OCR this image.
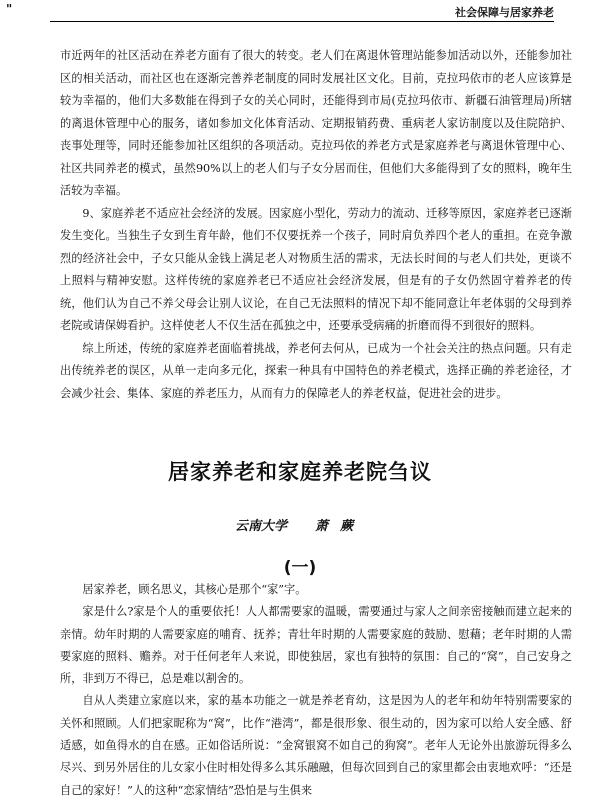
"	社会保障与居家养老

市近两年的社区活动在养老方面有了很大的转变。老人们在离退休管理站能参加活动以外，还能参加社区的相关活动，而社区也在逐渐完善养老制度的同时发展社区文化。目前，克拉玛依市的老人应该算是较为幸福的，他们大多数能在得到子女的关心同时，还能得到市局(克拉玛依市、新疆石油管理局)所辖的离退休管理中心的服务，诸如参加文化体育活动、定期报销药费、重病老人家访制度以及住院陪护、丧事处理等，同时还能参加社区组织的各项活动。克拉玛依的养老方式是家庭养老与离退休管理中心、社区共同养老的模式，虽然90%以上的老人们与子女分居而住，但他们大多能得到了女的照料，晚年生活较为幸福。

9、家庭养老不适应社会经济的发展。因家庭小型化，劳动力的流动、迁移等原因，家庭养老已逐渐发生变化。当独生子女到生育年龄，他们不仅要抚养一个孩子，同时肩负养四个老人的重担。在竞争激烈的经济社会中，子女只能从金钱上满足老人对物质生活的需求，无法长时间的与老人们共处，更谈不上照料与精神安慰。这样传统的家庭养老已不适应社会经济发展，但是有的子女仍然固守着养老的传统，他们认为自己不养父母会让别人议论，在自己无法照料的情况下却不能同意让年老体弱的父母到养老院或请保姆看护。这样使老人不仅生活在孤独之中，还要承受病痛的折磨而得不到很好的照料。

综上所述，传统的家庭养老面临着挑战，养老何去何从，已成为一个社会关注的热点问题。只有走出传统养老的误区，从单一走向多元化，探索一种具有中国特色的养老模式，选择正确的养老途径，才会减少社会、集体、家庭的养老压力，从而有力的保障老人的养老权益，促进社会的进步。

居家养老和家庭养老院刍议
云南大学 萧蕨
(一)

居家养老，顾名思义，其核心是那个“家”字。

家是什么?家是个人的重要依托！人人都需要家的温暖，需要通过与家人之间亲密接触而建立起来的亲情。幼年时期的人需要家庭的哺育、抚养；青壮年时期的人需要家庭的鼓励、慰藉；老年时期的人需要家庭的照料、赡养。对于任何老年人来说，即使独居，家也有独特的氛围：自己的“窝”，自己安身之所，非到万不得已，总是难以割舍的。

自从人类建立家庭以来，家的基本功能之一就是养老育幼，这是因为人的老年和幼年特别需要家的关怀和照顾。人们把家昵称为“窝”，比作“港湾”，都是很形象、很生动的，因为家可以给人安全感、舒适感，如鱼得水的自在感。正如俗话所说：“金窝银窝不如自己的狗窝”。老年人无论外出旅游玩得多么尽兴、到另外居住的儿女家小住时相处得多么其乐融融，但每次回到自己的家里都会由衷地欢呼：“还是自己的家好！”人的这种“恋家情结”恐怕是与生俱来
